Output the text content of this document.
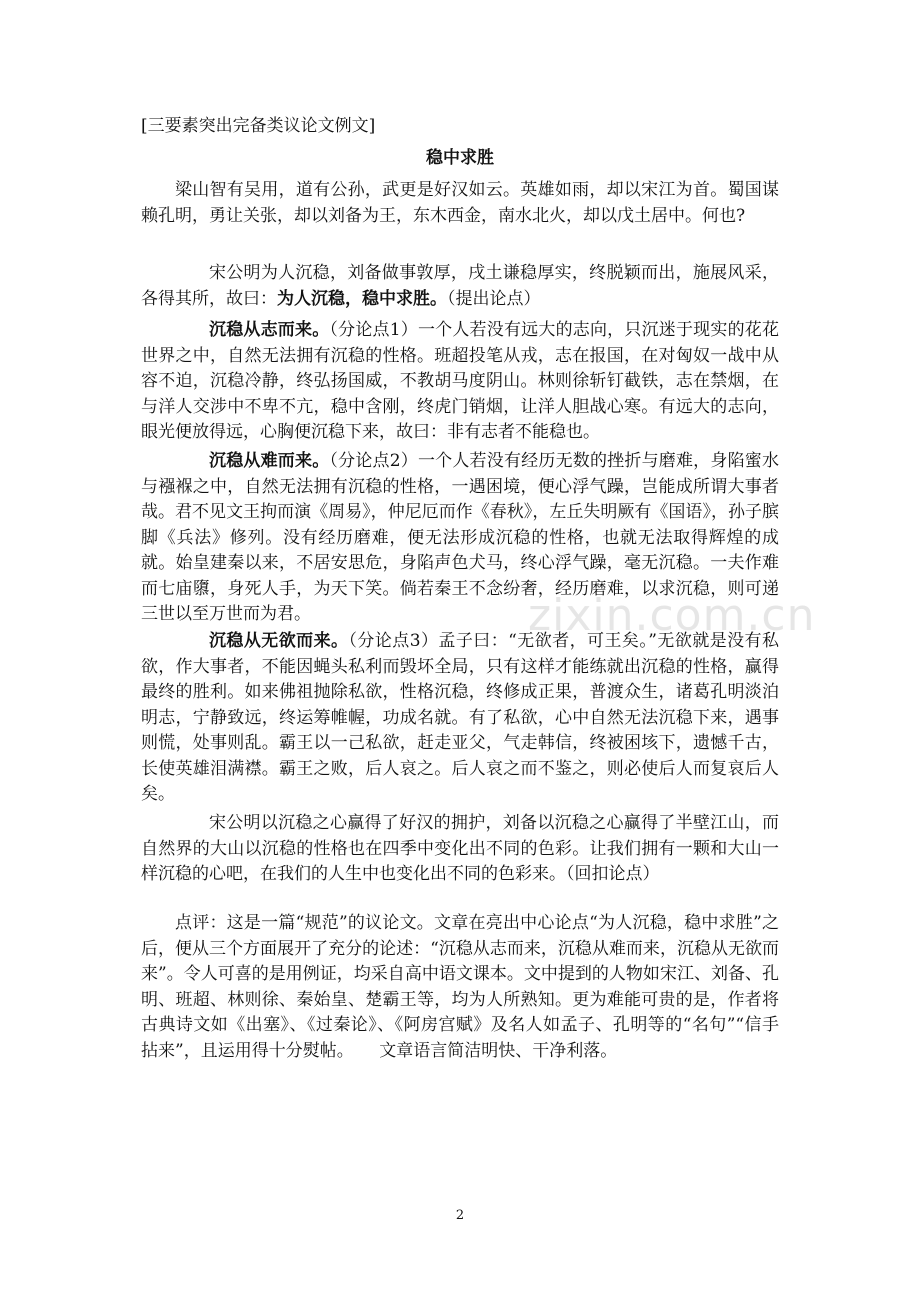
[三要素突出完备类议论文例文]
稳中求胜

梁山智有吴用，道有公孙，武更是好汉如云。英雄如雨，却以宋江为首。蜀国谋赖孔明，勇让关张，却以刘备为王，东木西金，南水北火，却以戊土居中。何也?

宋公明为人沉稳，刘备做事敦厚，戌土谦稳厚实，终脱颖而出，施展风采，各得其所，故曰：为人沉稳，稳中求胜。（提出论点）

沉稳从志而来。（分论点1）一个人若没有远大的志向，只沉迷于现实的花花世界之中，自然无法拥有沉稳的性格。班超投笔从戎，志在报国，在对匈奴一战中从容不迫，沉稳冷静，终弘扬国威，不教胡马度阴山。林则徐斩钉截铁，志在禁烟，在与洋人交涉中不卑不亢，稳中含刚，终虎门销烟，让洋人胆战心寒。有远大的志向，眼光便放得远，心胸便沉稳下来，故曰：非有志者不能稳也。

沉稳从难而来。（分论点2）一个人若没有经历无数的挫折与磨难，身陷蜜水与襁褓之中，自然无法拥有沉稳的性格，一遇困境，便心浮气躁，岂能成所谓大事者哉。君不见文王拘而演《周易》，仲尼厄而作《春秋》，左丘失明厥有《国语》，孙子膑脚《兵法》修列。没有经历磨难，便无法形成沉稳的性格，也就无法取得辉煌的成就。始皇建秦以来，不居安思危，身陷声色犬马，终心浮气躁，毫无沉稳。一夫作难而七庙隳，身死人手，为天下笑。倘若秦王不念纷奢，经历磨难，以求沉稳，则可递三世以至万世而为君。

沉稳从无欲而来。（分论点3）孟子曰：“无欲者，可王矣。”无欲就是没有私欲，作大事者，不能因蝇头私利而毁坏全局，只有这样才能练就出沉稳的性格，赢得最终的胜利。如来佛祖抛除私欲，性格沉稳，终修成正果，普渡众生，诸葛孔明淡泊明志，宁静致远，终运筹帷幄，功成名就。有了私欲，心中自然无法沉稳下来，遇事则慌，处事则乱。霸王以一己私欲，赶走亚父，气走韩信，终被困垓下，遗憾千古，长使英雄泪满襟。霸王之败，后人哀之。后人哀之而不鉴之，则必使后人而复哀后人矣。

宋公明以沉稳之心赢得了好汉的拥护，刘备以沉稳之心赢得了半壁江山，而自然界的大山以沉稳的性格也在四季中变化出不同的色彩。让我们拥有一颗和大山一样沉稳的心吧，在我们的人生中也变化出不同的色彩来。（回扣论点）

点评：这是一篇“规范”的议论文。文章在亮出中心论点“为人沉稳，稳中求胜”之后，便从三个方面展开了充分的论述：“沉稳从志而来，沉稳从难而来，沉稳从无欲而来”。令人可喜的是用例证，均采自高中语文课本。文中提到的人物如宋江、刘备、孔明、班超、林则徐、秦始皇、楚霸王等，均为人所熟知。更为难能可贵的是，作者将古典诗文如《出塞》、《过秦论》、《阿房宫赋》及名人如孟子、孔明等的“名句”“信手拈来”，且运用得十分熨帖。　　文章语言简洁明快、干净利落。

zixin.com.cn
2
